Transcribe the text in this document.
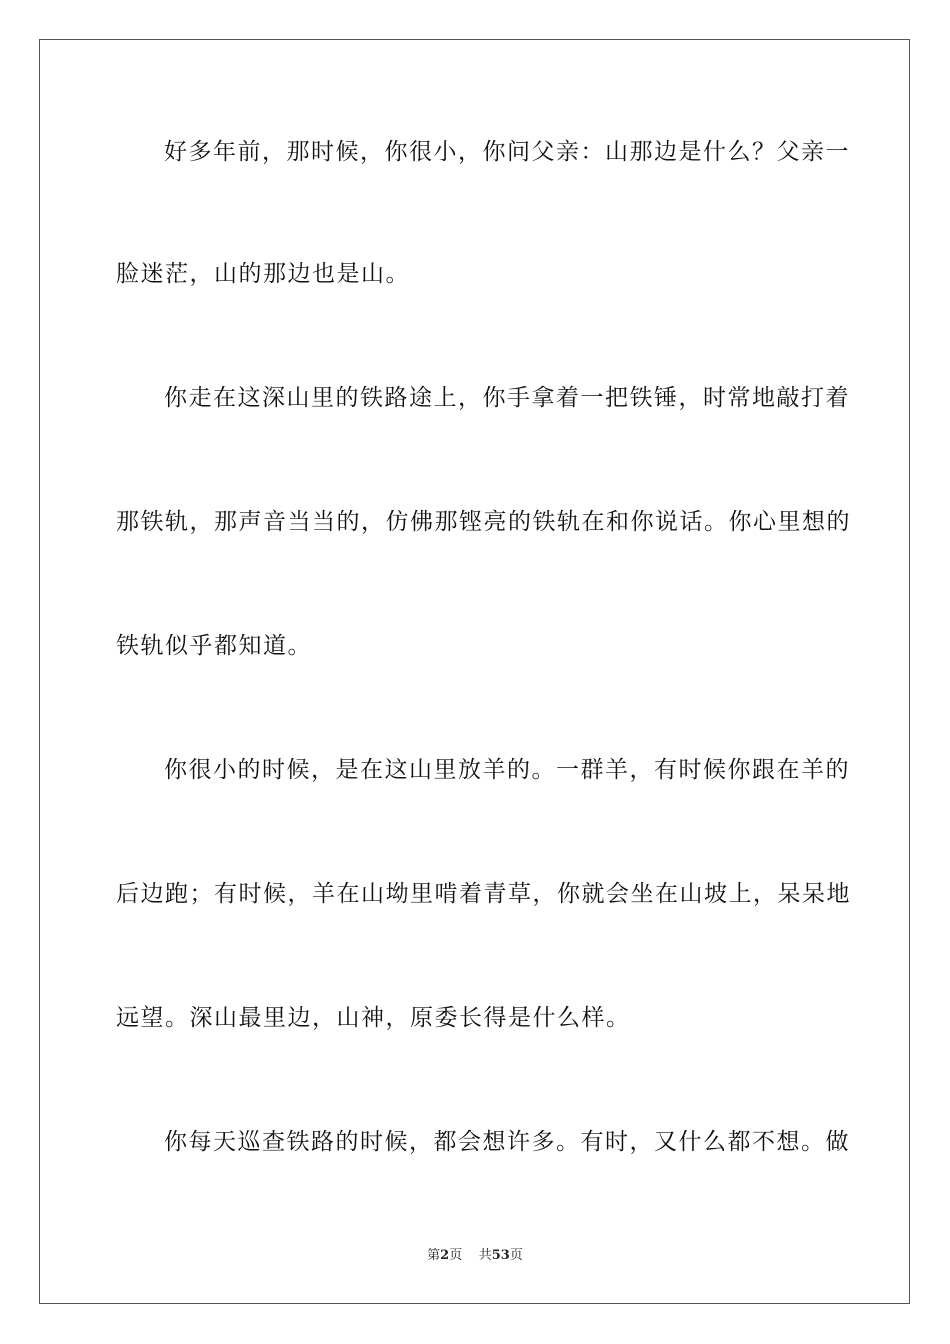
好多年前，那时候，你很小，你问父亲：山那边是什么？父亲一
脸迷茫，山的那边也是山。
你走在这深山里的铁路途上，你手拿着一把铁锤，时常地敲打着
那铁轨，那声音当当的，仿佛那铿亮的铁轨在和你说话。你心里想的
铁轨似乎都知道。
你很小的时候，是在这山里放羊的。一群羊，有时候你跟在羊的
后边跑；有时候，羊在山坳里啃着青草，你就会坐在山坡上，呆呆地
远望。深山最里边，山神，原委长得是什么样。
你每天巡查铁路的时候，都会想许多。有时，又什么都不想。做
第2页 共53页
